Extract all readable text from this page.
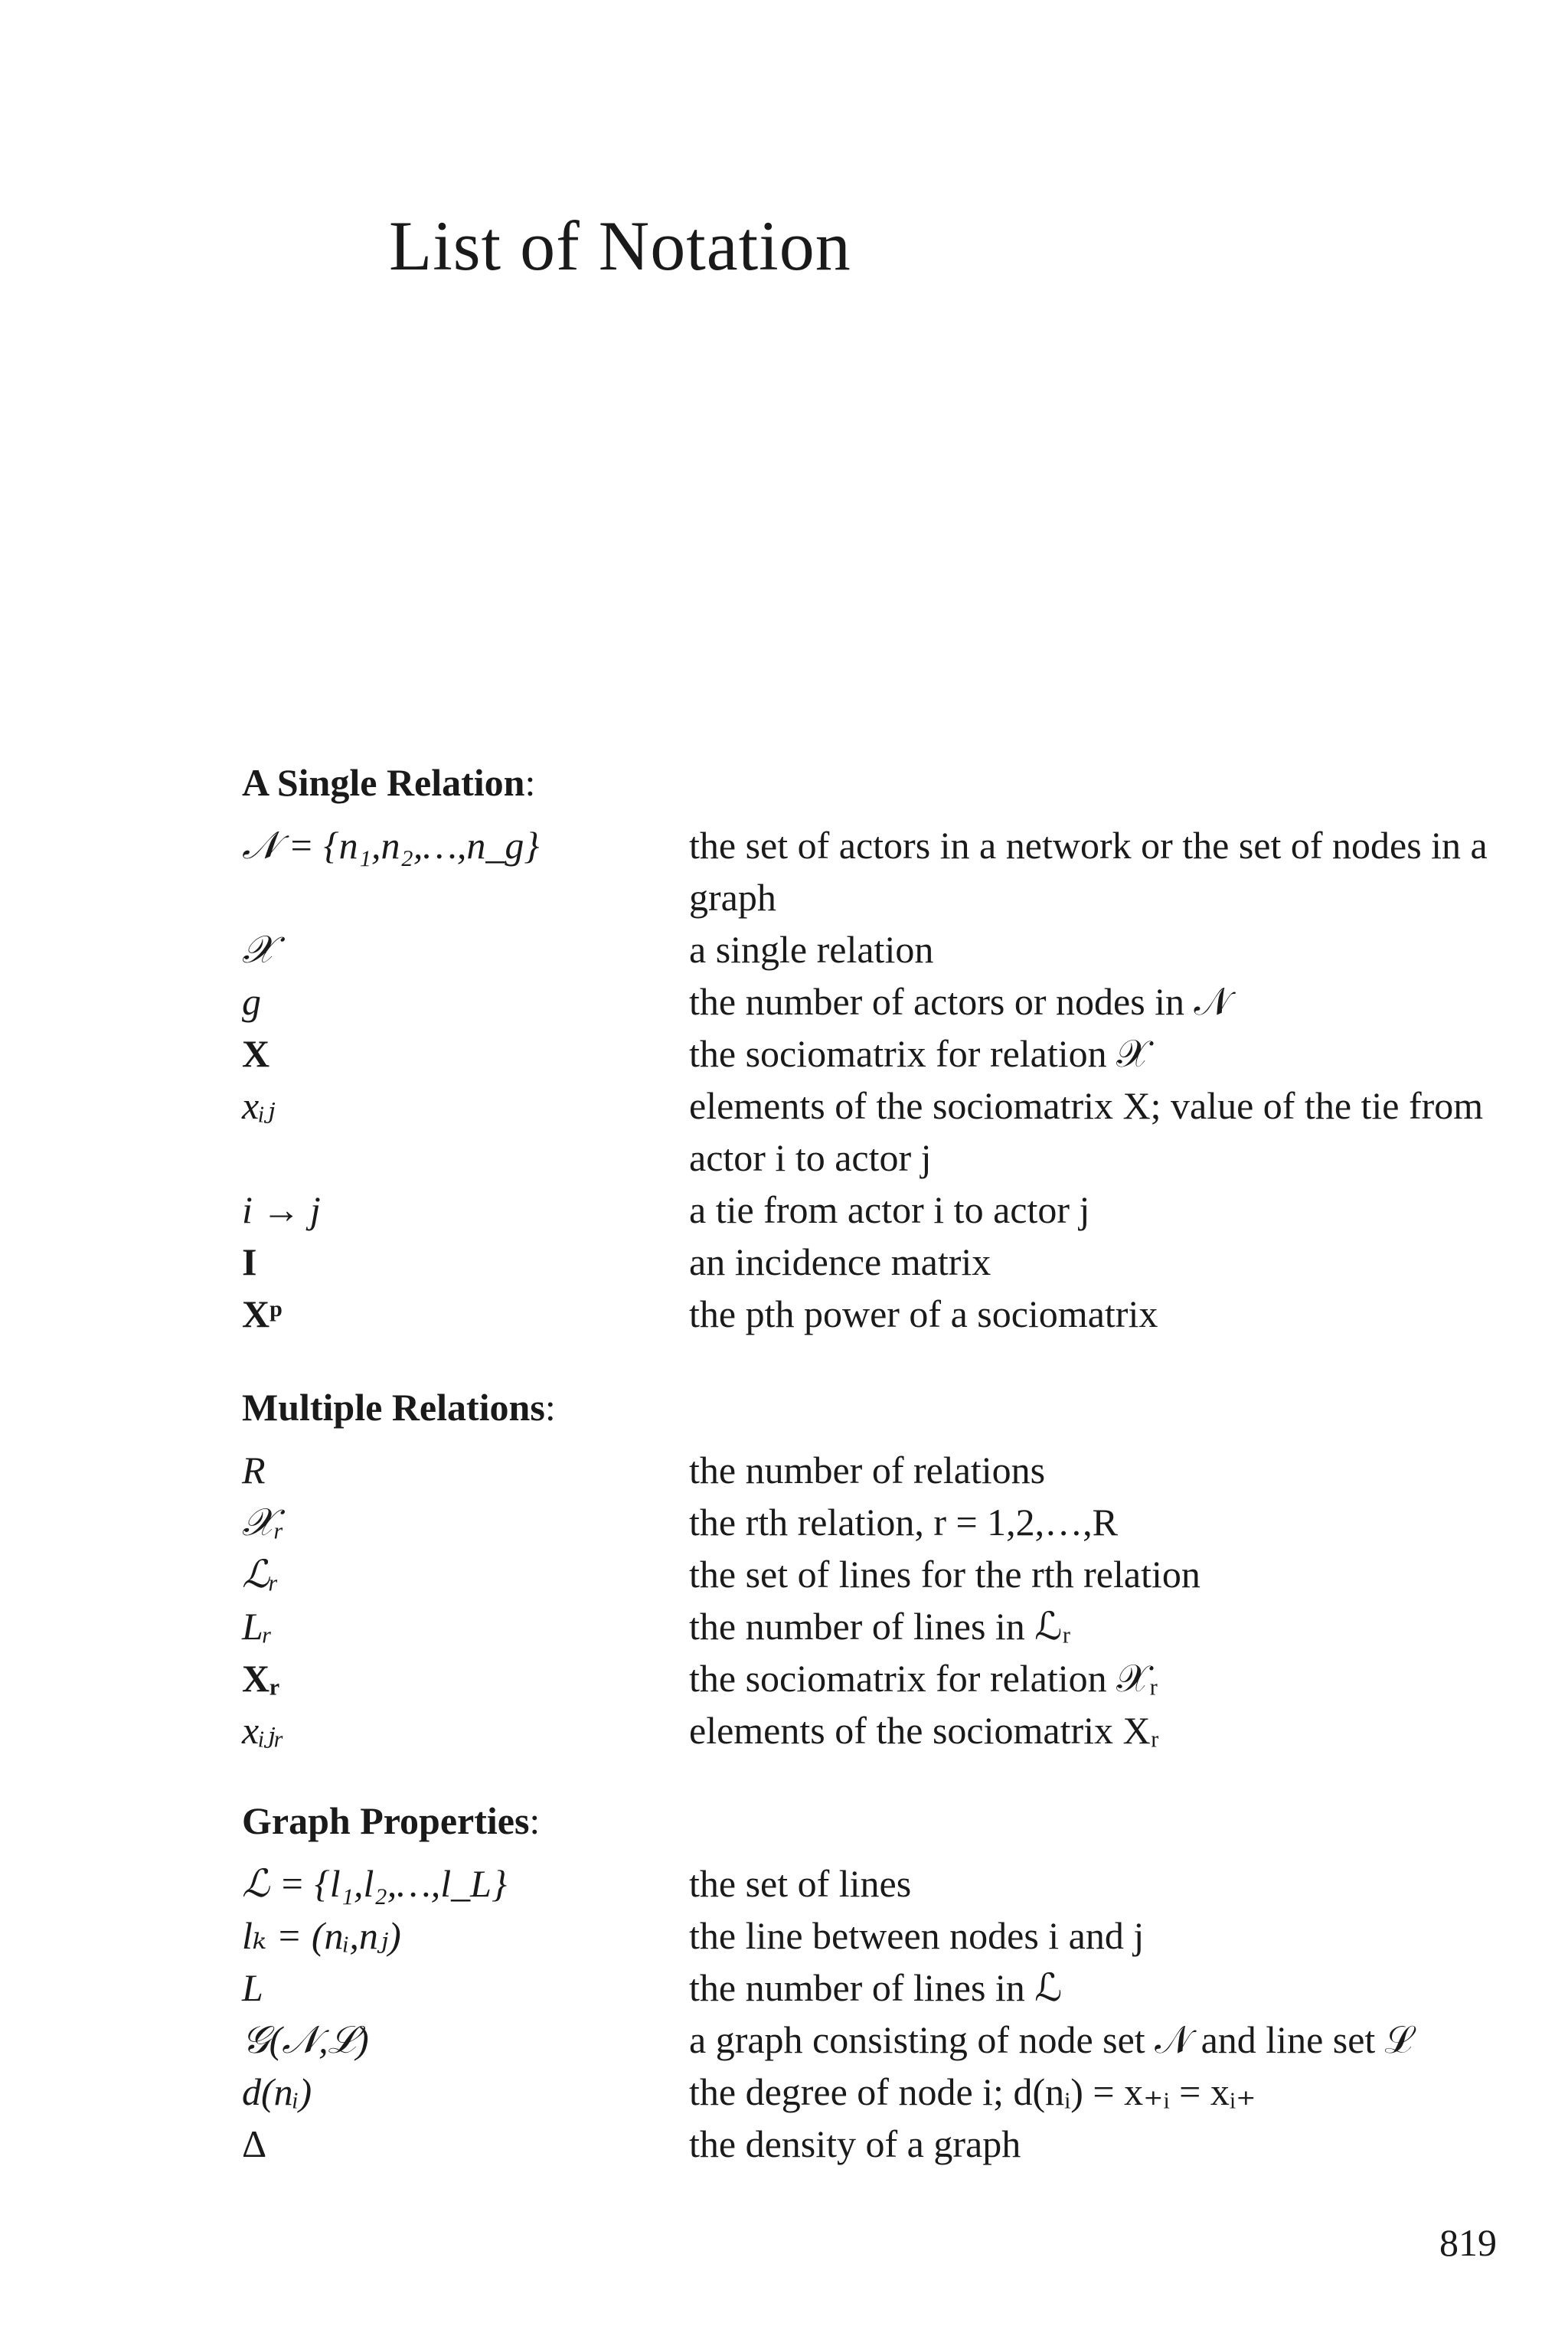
List of Notation
A Single Relation:
𝒩 = {n₁,n₂,…,n_g}	the set of actors in a network or the set of nodes in a graph
𝒳	a single relation
g	the number of actors or nodes in 𝒩
X	the sociomatrix for relation 𝒳
xᵢⱼ	elements of the sociomatrix X; value of the tie from actor i to actor j
i → j	a tie from actor i to actor j
I	an incidence matrix
Xᵖ	the pth power of a sociomatrix
Multiple Relations:
R	the number of relations
𝒳ᵣ	the rth relation, r = 1,2,…,R
ℒᵣ	the set of lines for the rth relation
Lᵣ	the number of lines in ℒᵣ
Xᵣ	the sociomatrix for relation 𝒳ᵣ
xᵢⱼᵣ	elements of the sociomatrix Xᵣ
Graph Properties:
ℒ = {l₁,l₂,…,l_L}	the set of lines
lₖ = (nᵢ,nⱼ)	the line between nodes i and j
L	the number of lines in ℒ
𝒢(𝒩,ℒ)	a graph consisting of node set 𝒩 and line set ℒ
d(nᵢ)	the degree of node i; d(nᵢ) = x₊ᵢ = xᵢ₊
Δ	the density of a graph
819
